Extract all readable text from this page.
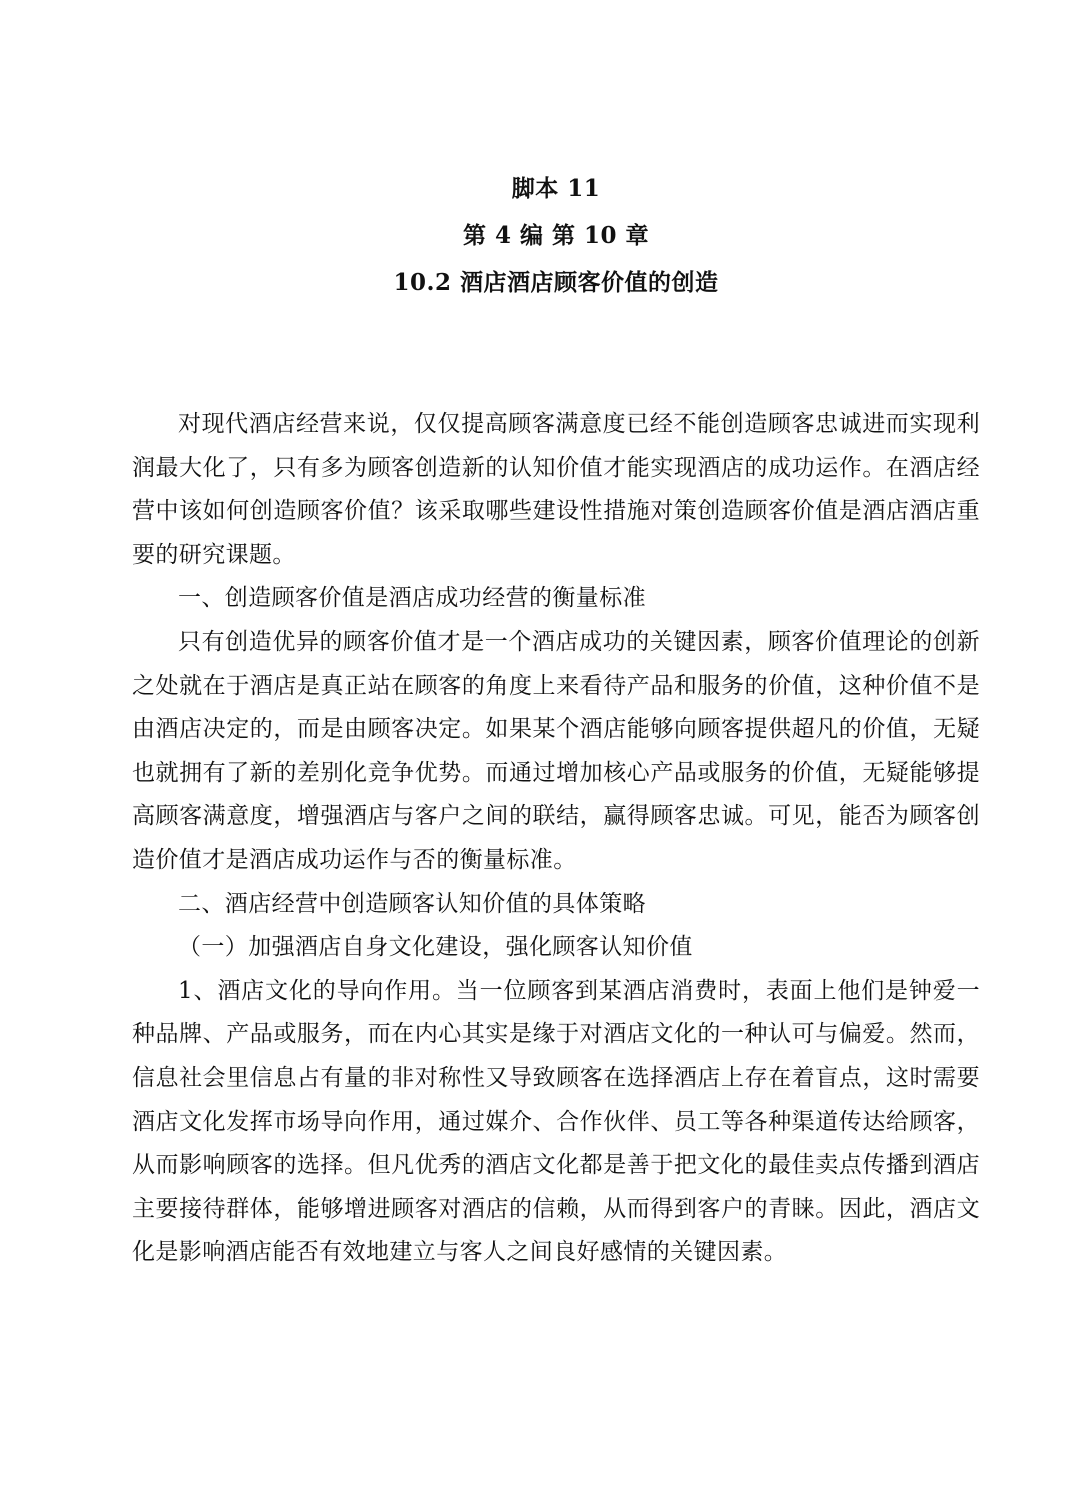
脚本 11
第 4 编 第 10 章
10.2 酒店酒店顾客价值的创造

对现代酒店经营来说，仅仅提高顾客满意度已经不能创造顾客忠诚进而实现利润最大化了，只有多为顾客创造新的认知价值才能实现酒店的成功运作。在酒店经营中该如何创造顾客价值？该采取哪些建设性措施对策创造顾客价值是酒店酒店重要的研究课题。

一、创造顾客价值是酒店成功经营的衡量标准

只有创造优异的顾客价值才是一个酒店成功的关键因素，顾客价值理论的创新之处就在于酒店是真正站在顾客的角度上来看待产品和服务的价值，这种价值不是由酒店决定的，而是由顾客决定。如果某个酒店能够向顾客提供超凡的价值，无疑也就拥有了新的差别化竞争优势。而通过增加核心产品或服务的价值，无疑能够提高顾客满意度，增强酒店与客户之间的联结，赢得顾客忠诚。可见，能否为顾客创造价值才是酒店成功运作与否的衡量标准。

二、酒店经营中创造顾客认知价值的具体策略

（一）加强酒店自身文化建设，强化顾客认知价值

1、酒店文化的导向作用。当一位顾客到某酒店消费时，表面上他们是钟爱一种品牌、产品或服务，而在内心其实是缘于对酒店文化的一种认可与偏爱。然而，信息社会里信息占有量的非对称性又导致顾客在选择酒店上存在着盲点，这时需要酒店文化发挥市场导向作用，通过媒介、合作伙伴、员工等各种渠道传达给顾客，从而影响顾客的选择。但凡优秀的酒店文化都是善于把文化的最佳卖点传播到酒店主要接待群体，能够增进顾客对酒店的信赖，从而得到客户的青睐。因此，酒店文化是影响酒店能否有效地建立与客人之间良好感情的关键因素。
